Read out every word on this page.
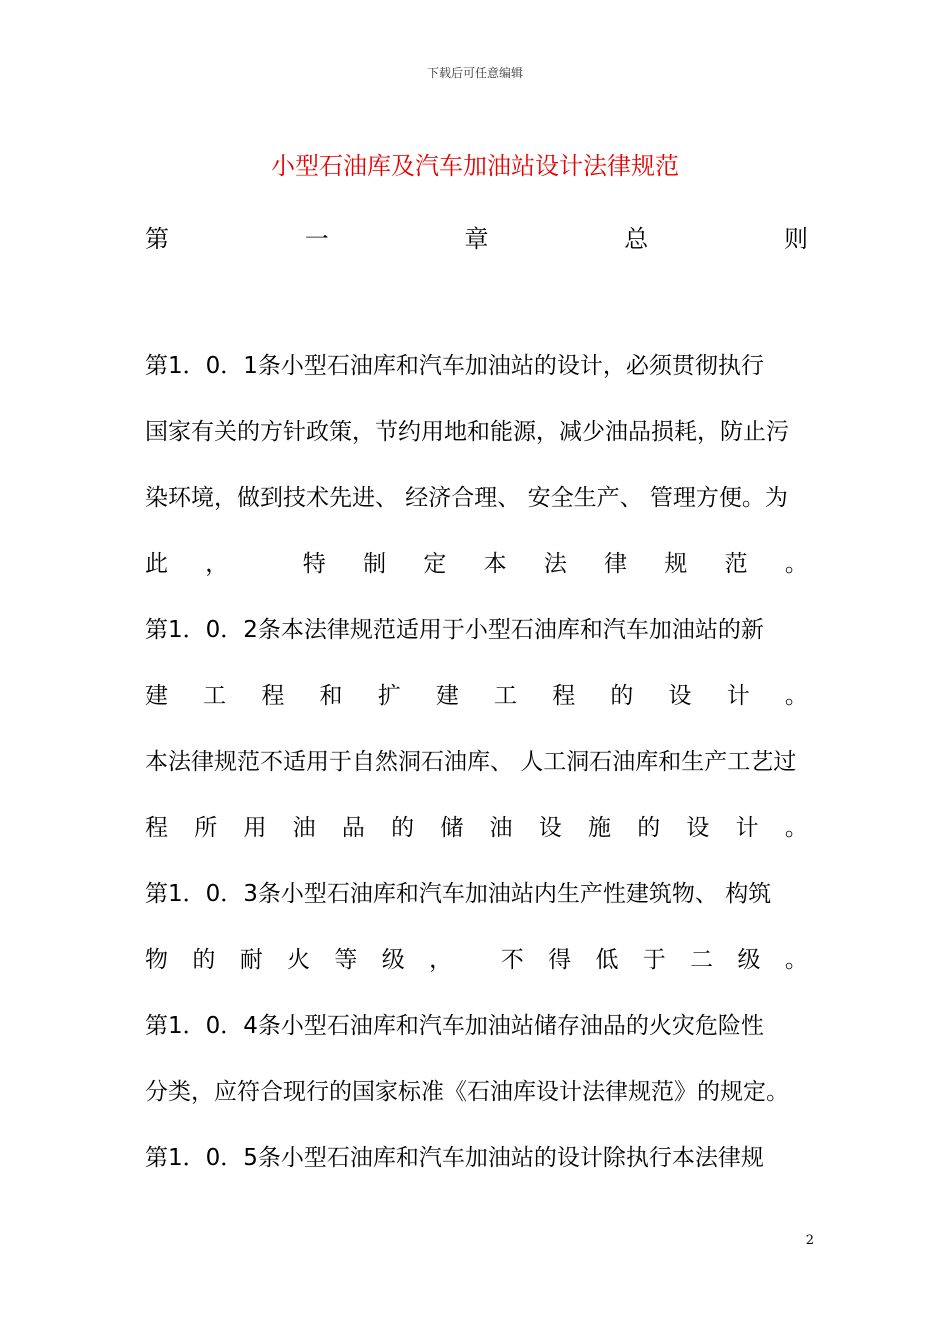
下载后可任意编辑
小型石油库及汽车加油站设计法律规范
第	一	章	总	则
第1．0．1条小型石油库和汽车加油站的设计，必须贯彻执行
国家有关的方针政策，节约用地和能源，减少油品损耗，防止污
染环境，做到技术先进、 经济合理、 安全生产、 管理方便。为
此 ，	特 制 定 本 法 律 规 范 。
第1．0．2条本法律规范适用于小型石油库和汽车加油站的新
建 工 程 和 扩 建 工 程 的 设 计 。
本法律规范不适用于自然洞石油库、 人工洞石油库和生产工艺过
程 所 用 油 品 的 储 油 设 施 的 设 计 。
第1．0．3条小型石油库和汽车加油站内生产性建筑物、 构筑
物 的 耐 火 等 级 ， 不 得 低 于 二 级 。
第1．0．4条小型石油库和汽车加油站储存油品的火灾危险性
分类，应符合现行的国家标准《石油库设计法律规范》的规定。
第1．0．5条小型石油库和汽车加油站的设计除执行本法律规
2
